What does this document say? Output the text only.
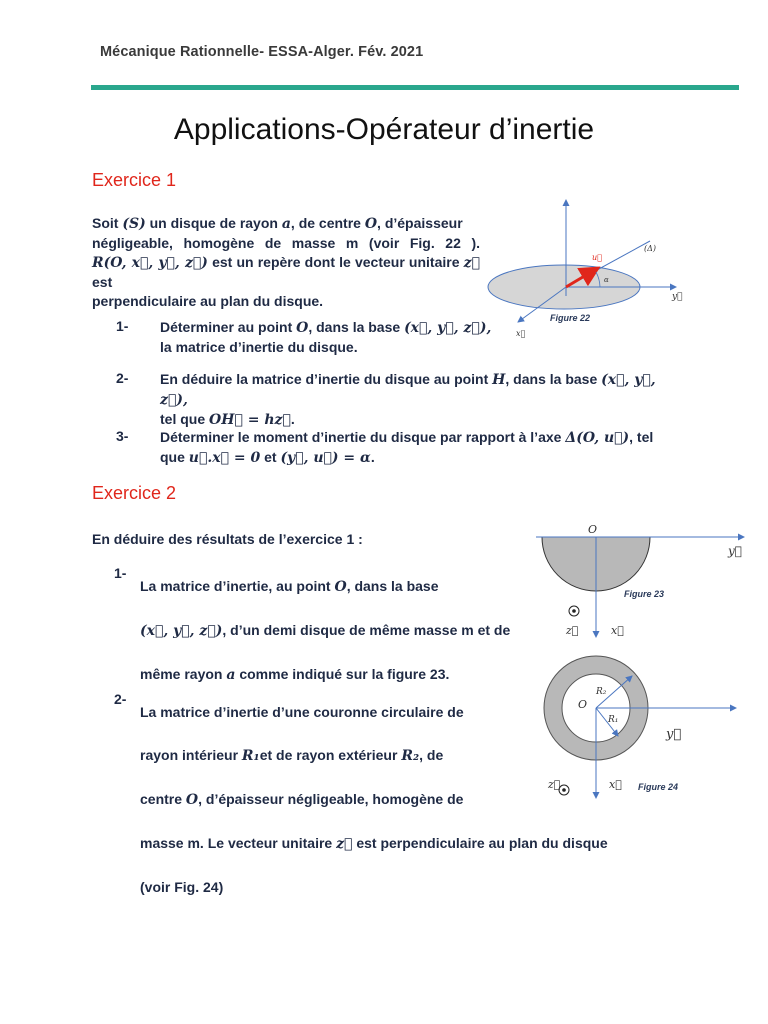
Mécanique Rationnelle- ESSA-Alger. Fév. 2021
Applications-Opérateur d’inertie
Exercice 1
Soit (S) un disque de rayon a, de centre O, d’épaisseur
négligeable, homogène de masse m (voir Fig. 22 ).
R(O, x⃗, y⃗, z⃗) est un repère dont le vecteur unitaire z⃗ est
perpendiculaire au plan du disque.
1- Déterminer au point O, dans la base (x⃗, y⃗, z⃗),
la matrice d’inertie du disque.
2- En déduire la matrice d’inertie du disque au point H, dans la base (x⃗, y⃗, z⃗),
tel que OH⃗ = hz⃗.
3- Déterminer le moment d’inertie du disque par rapport à l’axe Δ(O, u⃗), tel
que u⃗.x⃗ = 0 et (y⃗, u⃗) = α.
(Δ)
u⃗
α
y⃗
x⃗
Figure 22
Exercice 2
En déduire des résultats de l’exercice 1 :
1-
La matrice d’inertie, au point O, dans la base
(x⃗, y⃗, z⃗), d’un demi disque de même masse m et de
même rayon a comme indiqué sur la figure 23.
2-
La matrice d’inertie d’une couronne circulaire de
rayon intérieur R₁et de rayon extérieur R₂, de
centre O, d’épaisseur négligeable, homogène de
masse m. Le vecteur unitaire z⃗ est perpendiculaire au plan du disque
(voir Fig. 24)
O
y⃗
z⃗	x⃗
Figure 23
O
R₂
R₁
y⃗
z⃗	x⃗ Figure 24
